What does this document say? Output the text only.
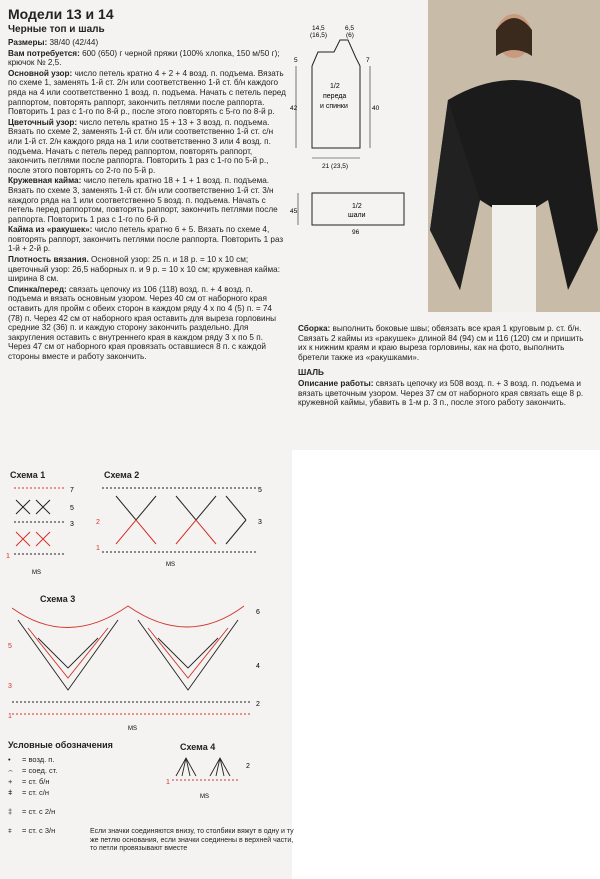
Модели 13 и 14
Черные топ и шаль

Размеры: 38/40 (42/44)

Вам потребуется: 600 (650) г черной пряжи (100% хлопка, 150 м/50 г); крючок № 2,5.

Основной узор: число петель кратно 4 + 2 + 4 возд. п. подъема. Вязать по схеме 1, заменять 1-й ст. 2/н или соответственно 1-й ст. б/н каждого ряда на 4 или соответственно 1 возд. п. подъема. Начать с петель перед раппортом, повторять раппорт, закончить петлями после раппорта. Повторить 1 раз с 1-го по 8-й р., после этого повторять с 5-го по 8-й р.

Цветочный узор: число петель кратно 15 + 13 + 3 возд. п. подъема. Вязать по схеме 2, заменять 1-й ст. б/н или соответственно 1-й ст. с/н или 1-й ст. 2/н каждого ряда на 1 или соответственно 3 или 4 возд. п. подъема. Начать с петель перед раппортом, повторять раппорт, закончить петлями после раппорта. Повторить 1 раз с 1-го по 5-й р., после этого повторять со 2-го по 5-й р.

Кружевная кайма: число петель кратно 18 + 1 + 1 возд. п. подъема. Вязать по схеме 3, заменять 1-й ст. б/н или соответственно 1-й ст. 3/н каждого ряда на 1 или соответственно 5 возд. п. подъема. Начать с петель перед раппортом, повторять раппорт, закончить петлями после раппорта. Повторить 1 раз с 1-го по 6-й р.

Кайма из «ракушек»: число петель кратно 6 + 5. Вязать по схеме 4, повторять раппорт, закончить петлями после раппорта. Повторить 1 раз 1-й + 2-й р.

Плотность вязания. Основной узор: 25 п. и 18 р. = 10 х 10 см; цветочный узор: 26,5 наборных п. и 9 р. = 10 х 10 см; кружевная кайма: ширина 8 см.

Спинка/перед: связать цепочку из 106 (118) возд. п. + 4 возд. п. подъема и вязать основным узором. Через 40 см от наборного края оставить для пройм с обеих сторон в каждом ряду 4 х по 4 (5) п. = 74 (78) п. Через 42 см от наборного края оставить для выреза горловины средние 32 (36) п. и каждую сторону закончить раздельно. Для закругления оставить с внутреннего края в каждом ряду 3 х по 5 п. Через 47 см от наборного края провязать оставшиеся 8 п. с каждой стороны вместе и работу закончить.

14,5
(16,5)
6,5
(6)
5
42
7
40
1/2
передa
и спинки
21 (23,5)
45
1/2
шали
96

Сборка: выполнить боковые швы; обвязать все края 1 круговым р. ст. б/н. Связать 2 каймы из «ракушек» длиной 84 (94) см и 116 (120) см и пришить их к нижним краям и краю выреза горловины, как на фото, выполнить бретели также из «ракушками».

ШАЛЬ

Описание работы: связать цепочку из 508 возд. п. + 3 возд. п. подъема и вязать цветочным узором. Через 37 см от наборного края связать еще 8 р. кружевной каймы, убавить в 1-м р. 3 п., после этого работу закончить.

Схема 1
7
5
3
1
МS
Схема 2
5
3
2
1
МS
Схема 3
6
4
2
5
3
1
МS
Условные обозначения
• = возд. п.
⌢ = соед. ст.
+ = ст. б/н
ǂ = ст. с/н
‡ = ст. с 2/н
⧧ = ст. с 3/н
Схема 4
2
1
МS
Если значки соединяются внизу, то столбики вяжут в одну и ту же петлю основания, если значки соединены в верхней части, то петли провязывают вместе
